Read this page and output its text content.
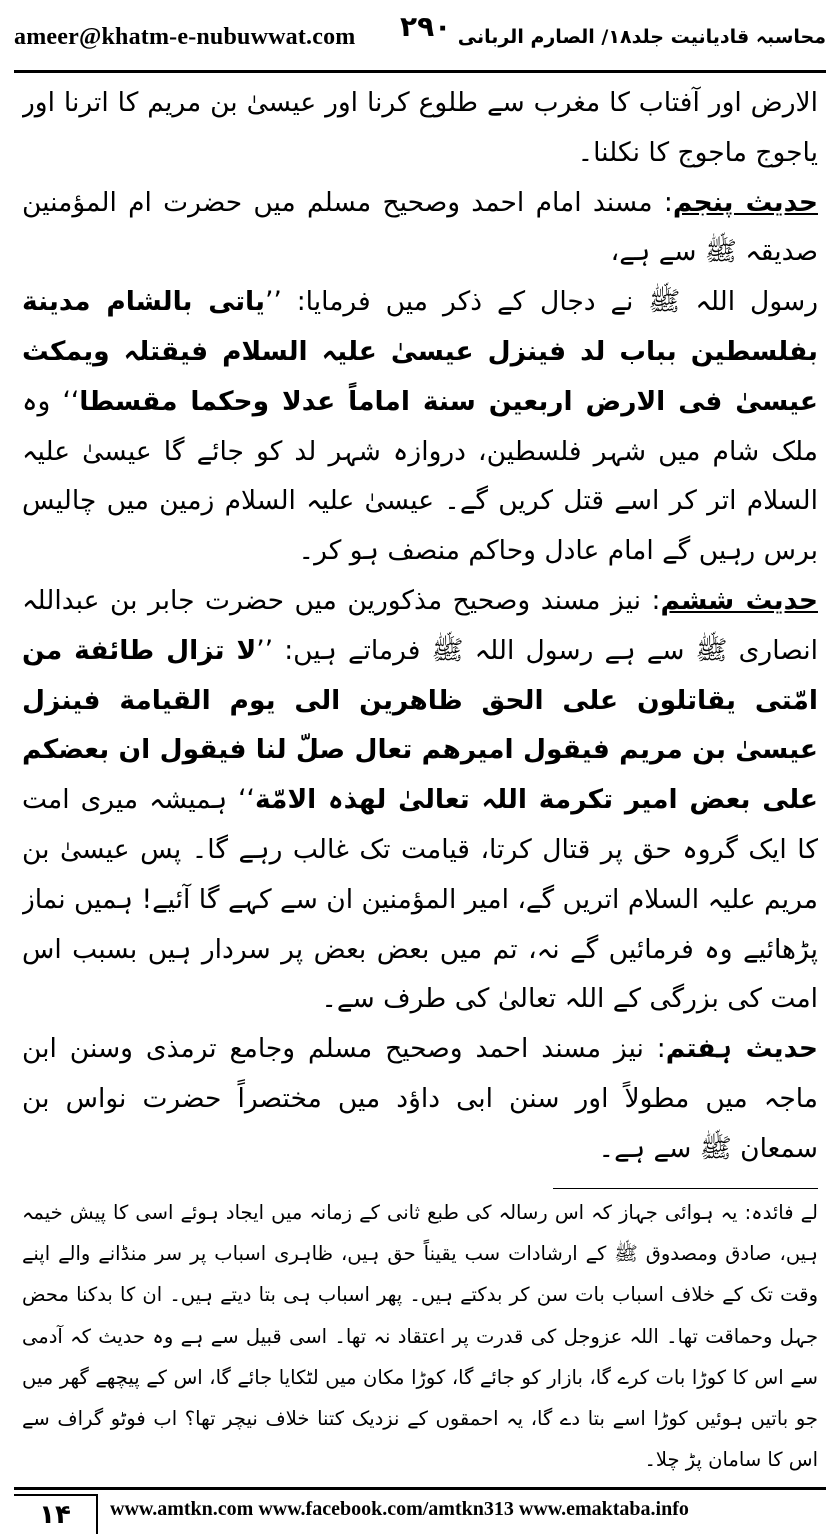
ameer@khatm-e-nubuwwat.com	محاسبہ قادیانیت جلد۱۸/ الصارم الربانی
۲۹۰

الارض اور آفتاب کا مغرب سے طلوع کرنا اور عیسیٰ بن مریم کا اترنا اور یاجوج ماجوج کا نکلنا۔

حدیث پنجم: مسند امام احمد وصحیح مسلم میں حضرت ام المؤمنین صدیقہ ﷺ سے ہے،

رسول اللہ ﷺ نے دجال کے ذکر میں فرمایا: ’’یاتی بالشام مدینة بفلسطین بباب لد فینزل عیسیٰ علیہ السلام فیقتلہ ویمکث عیسیٰ فی الارض اربعین سنة اماماً عدلا وحکما مقسطا‘‘ وہ ملک شام میں شہر فلسطین، دروازہ شہر لد کو جائے گا عیسیٰ علیہ السلام اتر کر اسے قتل کریں گے۔ عیسیٰ علیہ السلام زمین میں چالیس برس رہیں گے امام عادل وحاکم منصف ہو کر۔

حدیث ششم: نیز مسند وصحیح مذکورین میں حضرت جابر بن عبداللہ انصاری ﷺ سے ہے رسول اللہ ﷺ فرماتے ہیں: ’’لا تزال طائفة من امّتی یقاتلون علی الحق ظاھرین الی یوم القیامة فینزل عیسیٰ بن مریم فیقول امیرھم تعال صلّ لنا فیقول ان بعضکم علی بعض امیر تکرمة اللہ تعالیٰ لھذہ الامّة‘‘ ہمیشہ میری امت کا ایک گروہ حق پر قتال کرتا، قیامت تک غالب رہے گا۔ پس عیسیٰ بن مریم علیہ السلام اتریں گے، امیر المؤمنین ان سے کہے گا آئیے! ہمیں نماز پڑھائیے وہ فرمائیں گے نہ، تم میں بعض بعض پر سردار ہیں بسبب اس امت کی بزرگی کے اللہ تعالیٰ کی طرف سے۔

حدیث ہفتم: نیز مسند احمد وصحیح مسلم وجامع ترمذی وسنن ابن ماجہ میں مطولاً اور سنن ابی داؤد میں مختصراً حضرت نواس بن سمعان ﷺ سے ہے۔

لے فائدہ: یہ ہوائی جہاز کہ اس رسالہ کی طبع ثانی کے زمانہ میں ایجاد ہوئے اسی کا پیش خیمہ ہیں، صادق ومصدوق ﷺ کے ارشادات سب یقیناً حق ہیں، ظاہری اسباب پر سر منڈانے والے اپنے وقت تک کے خلاف اسباب بات سن کر بدکتے ہیں۔ پھر اسباب ہی بتا دیتے ہیں۔ ان کا بدکنا محض جہل وحماقت تھا۔ اللہ عزوجل کی قدرت پر اعتقاد نہ تھا۔ اسی قبیل سے ہے وہ حدیث کہ آدمی سے اس کا کوڑا بات کرے گا، بازار کو جائے گا، کوڑا مکان میں لٹکایا جائے گا، اس کے پیچھے گھر میں جو باتیں ہوئیں کوڑا اسے بتا دے گا، یہ احمقوں کے نزدیک کتنا خلاف نیچر تھا؟ اب فوٹو گراف سے اس کا سامان پڑ چلا۔

۱۴	www.amtkn.com www.facebook.com/amtkn313 www.emaktaba.info
